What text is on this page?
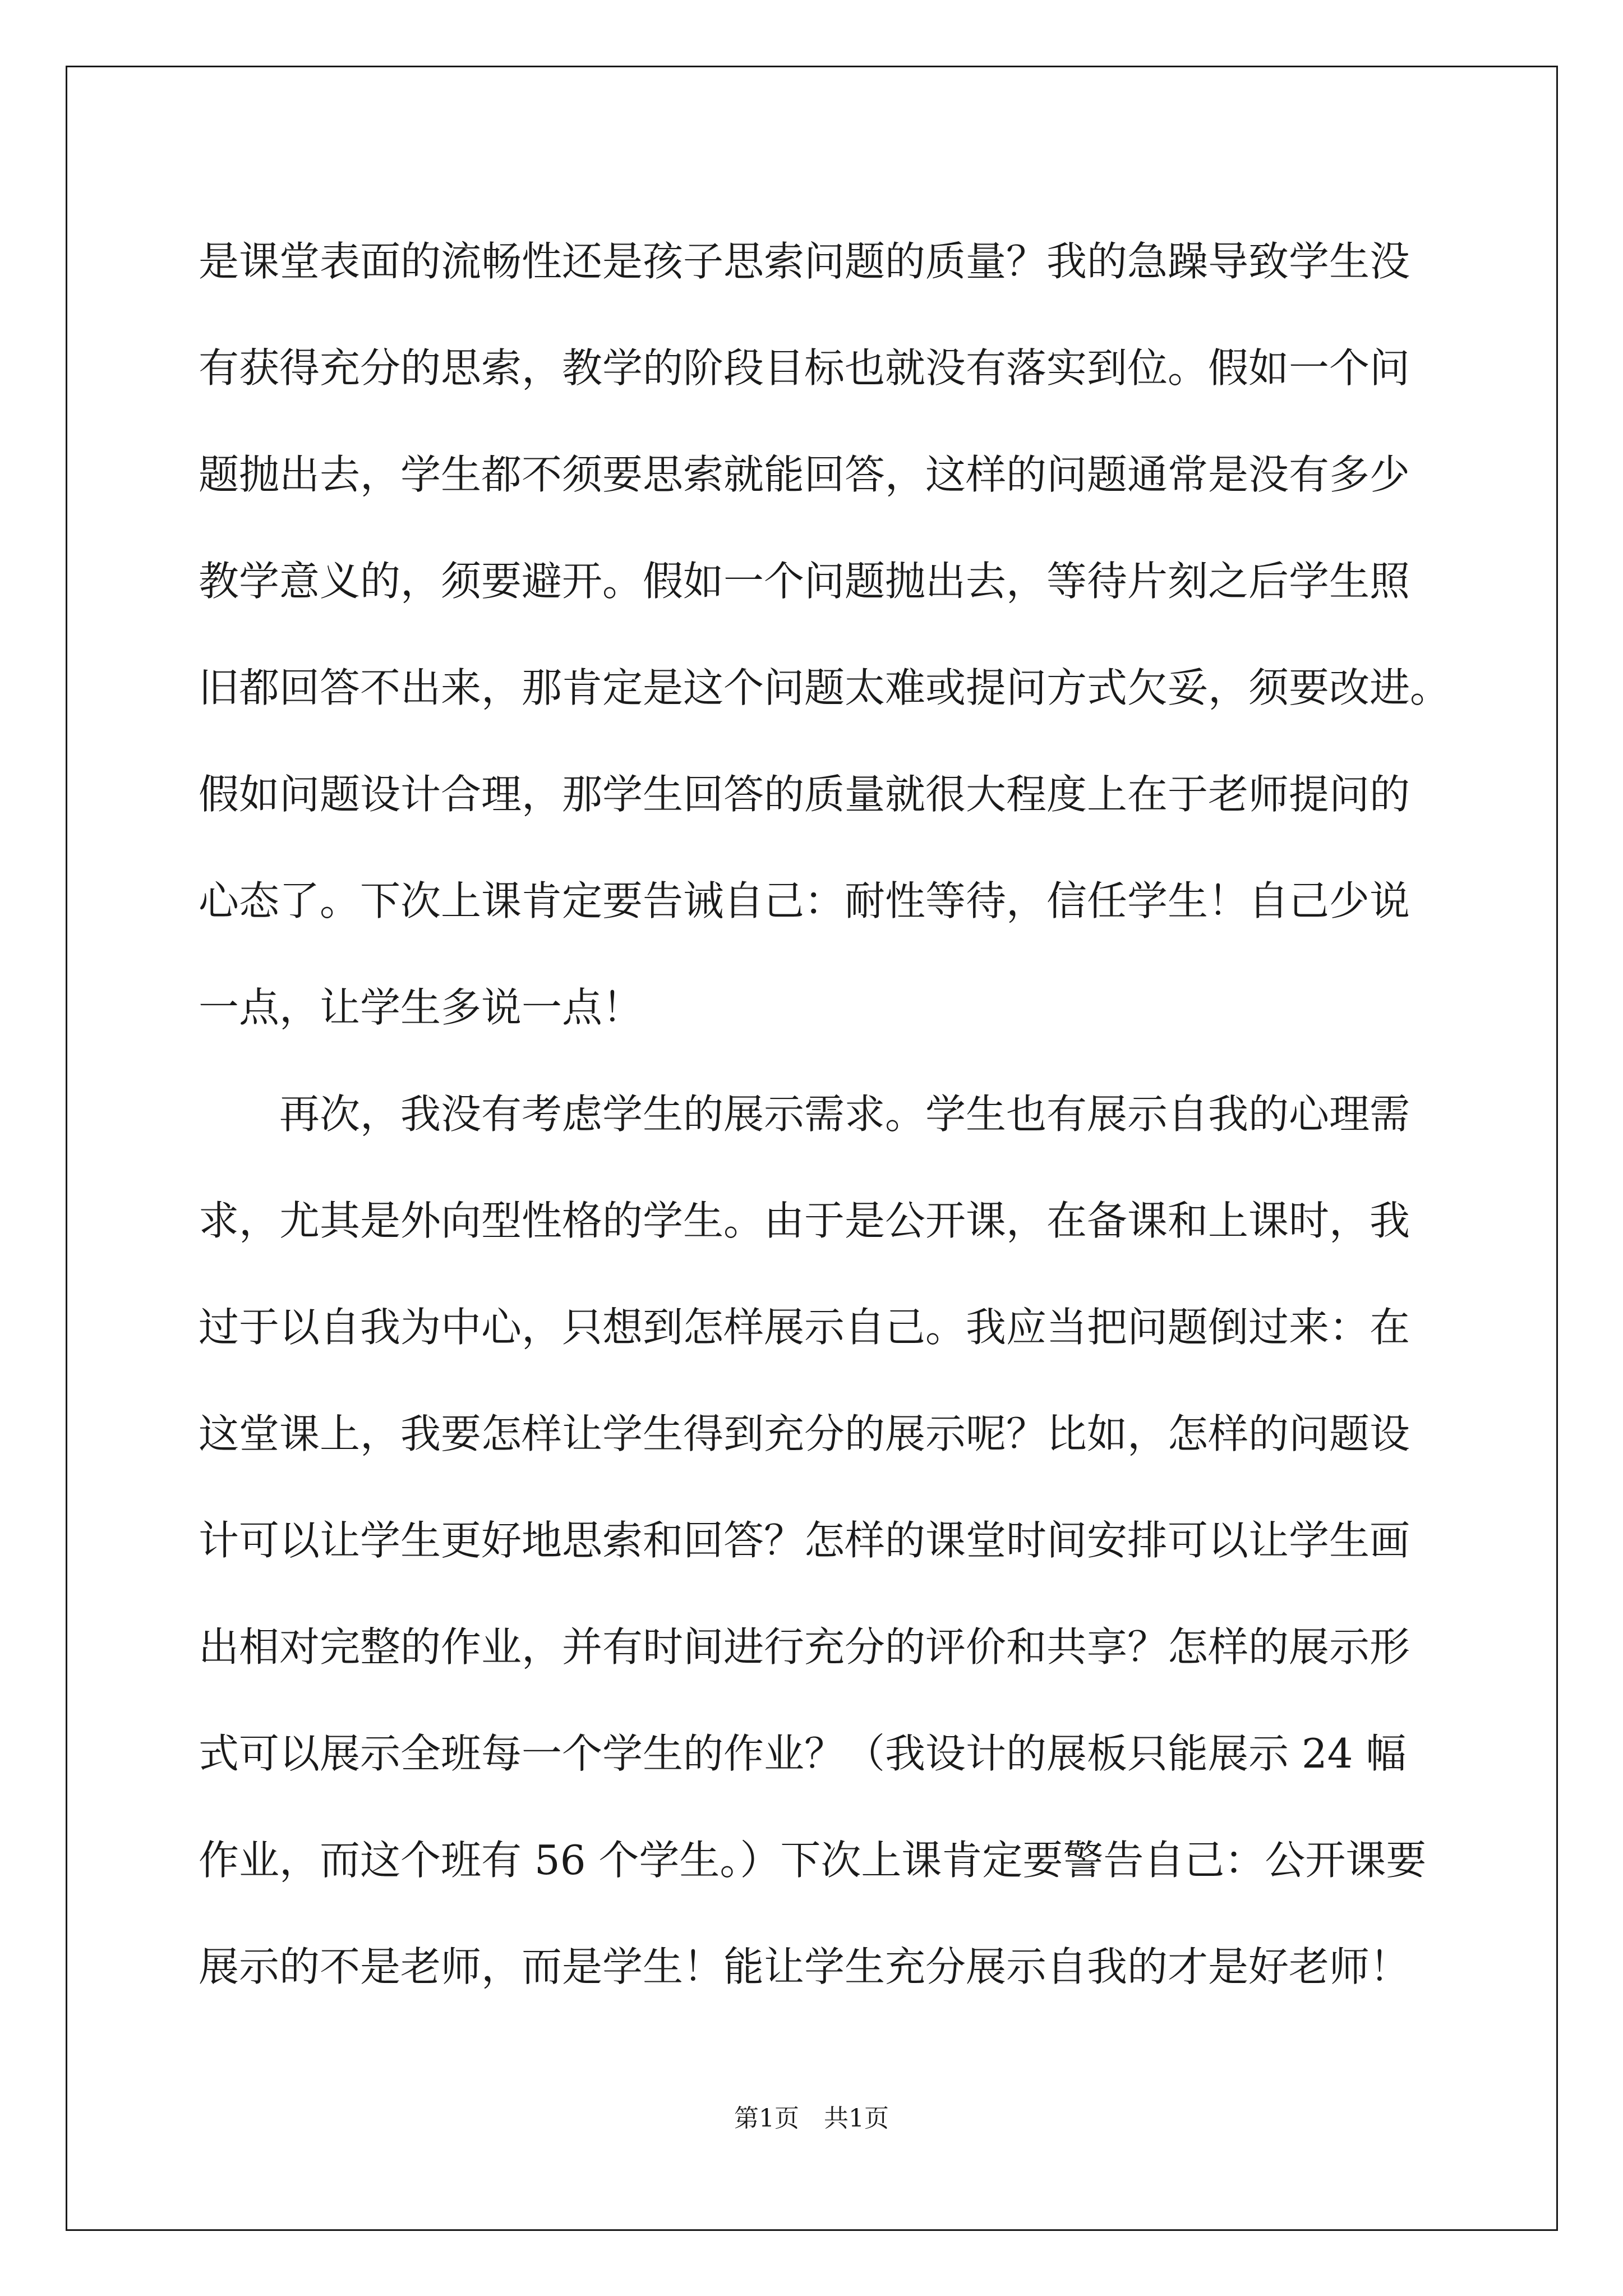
是课堂表面的流畅性还是孩子思索问题的质量？我的急躁导致学生没
有获得充分的思索，教学的阶段目标也就没有落实到位。假如一个问
题抛出去，学生都不须要思索就能回答，这样的问题通常是没有多少
教学意义的，须要避开。假如一个问题抛出去，等待片刻之后学生照
旧都回答不出来，那肯定是这个问题太难或提问方式欠妥，须要改进。
假如问题设计合理，那学生回答的质量就很大程度上在于老师提问的
心态了。下次上课肯定要告诫自己：耐性等待，信任学生！自己少说
一点，让学生多说一点！
　　再次，我没有考虑学生的展示需求。学生也有展示自我的心理需
求，尤其是外向型性格的学生。由于是公开课，在备课和上课时，我
过于以自我为中心，只想到怎样展示自己。我应当把问题倒过来：在
这堂课上，我要怎样让学生得到充分的展示呢？比如，怎样的问题设
计可以让学生更好地思索和回答？怎样的课堂时间安排可以让学生画
出相对完整的作业，并有时间进行充分的评价和共享？怎样的展示形
式可以展示全班每一个学生的作业？（我设计的展板只能展示 24 幅
作业，而这个班有 56 个学生。）下次上课肯定要警告自己：公开课要
展示的不是老师，而是学生！能让学生充分展示自我的才是好老师！
第1页 共1页
